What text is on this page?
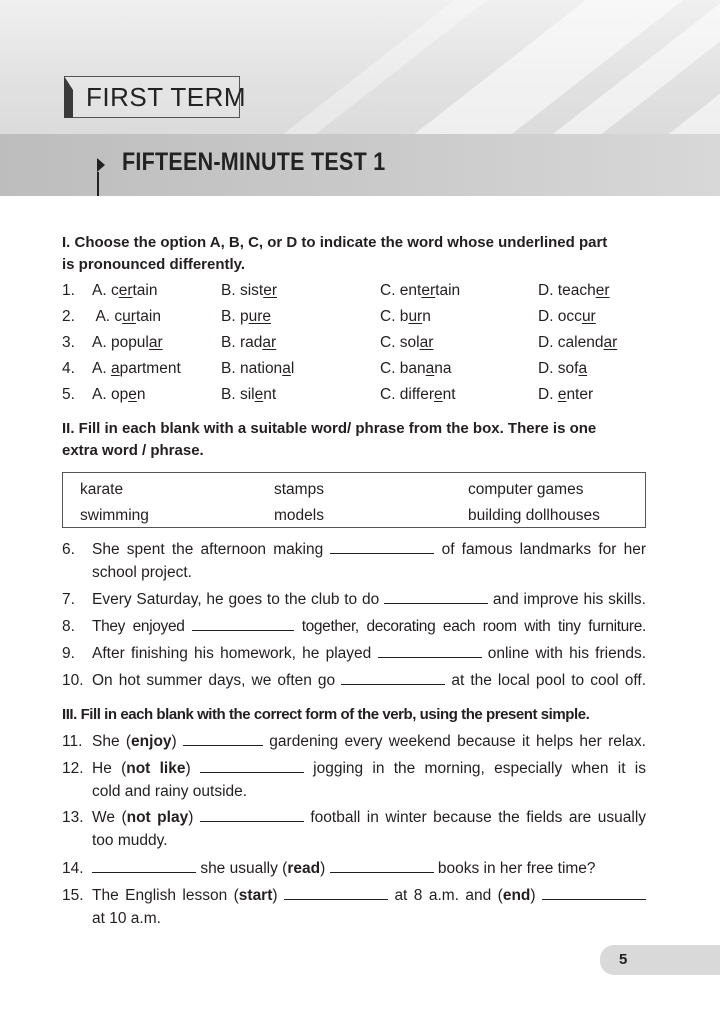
FIRST TERM
FIFTEEN-MINUTE TEST 1
I. Choose the option A, B, C, or D to indicate the word whose underlined part
is pronounced differently.
1. A. certain	B. sister	C. entertain	D. teacher
2. A. curtain	B. pure	C. burn	D. occur
3. A. popular	B. radar	C. solar	D. calendar
4. A. apartment	B. national	C. banana	D. sofa
5. A. open	B. silent	C. different	D. enter
II. Fill in each blank with a suitable word/ phrase from the box. There is one
extra word / phrase.
karate	stamps	computer games
swimming	models	building dollhouses
6. She spent the afternoon making	of famous landmarks for her
school project.
7. Every Saturday, he goes to the club to do	and improve his skills.
8. They enjoyed	together, decorating each room with tiny furniture.
9. After finishing his homework, he played	online with his friends.
10. On hot summer days, we often go	at the local pool to cool off.
III. Fill in each blank with the correct form of the verb, using the present simple.
11. She (enjoy)	gardening every weekend because it helps her relax.
12. He (not like)	jogging in the morning, especially when it is
cold and rainy outside.
13. We (not play)	football in winter because the fields are usually
too muddy.
14.	she usually (read)	books in her free time?
15. The English lesson (start)	at 8 a.m. and (end)
at 10 a.m.
5
